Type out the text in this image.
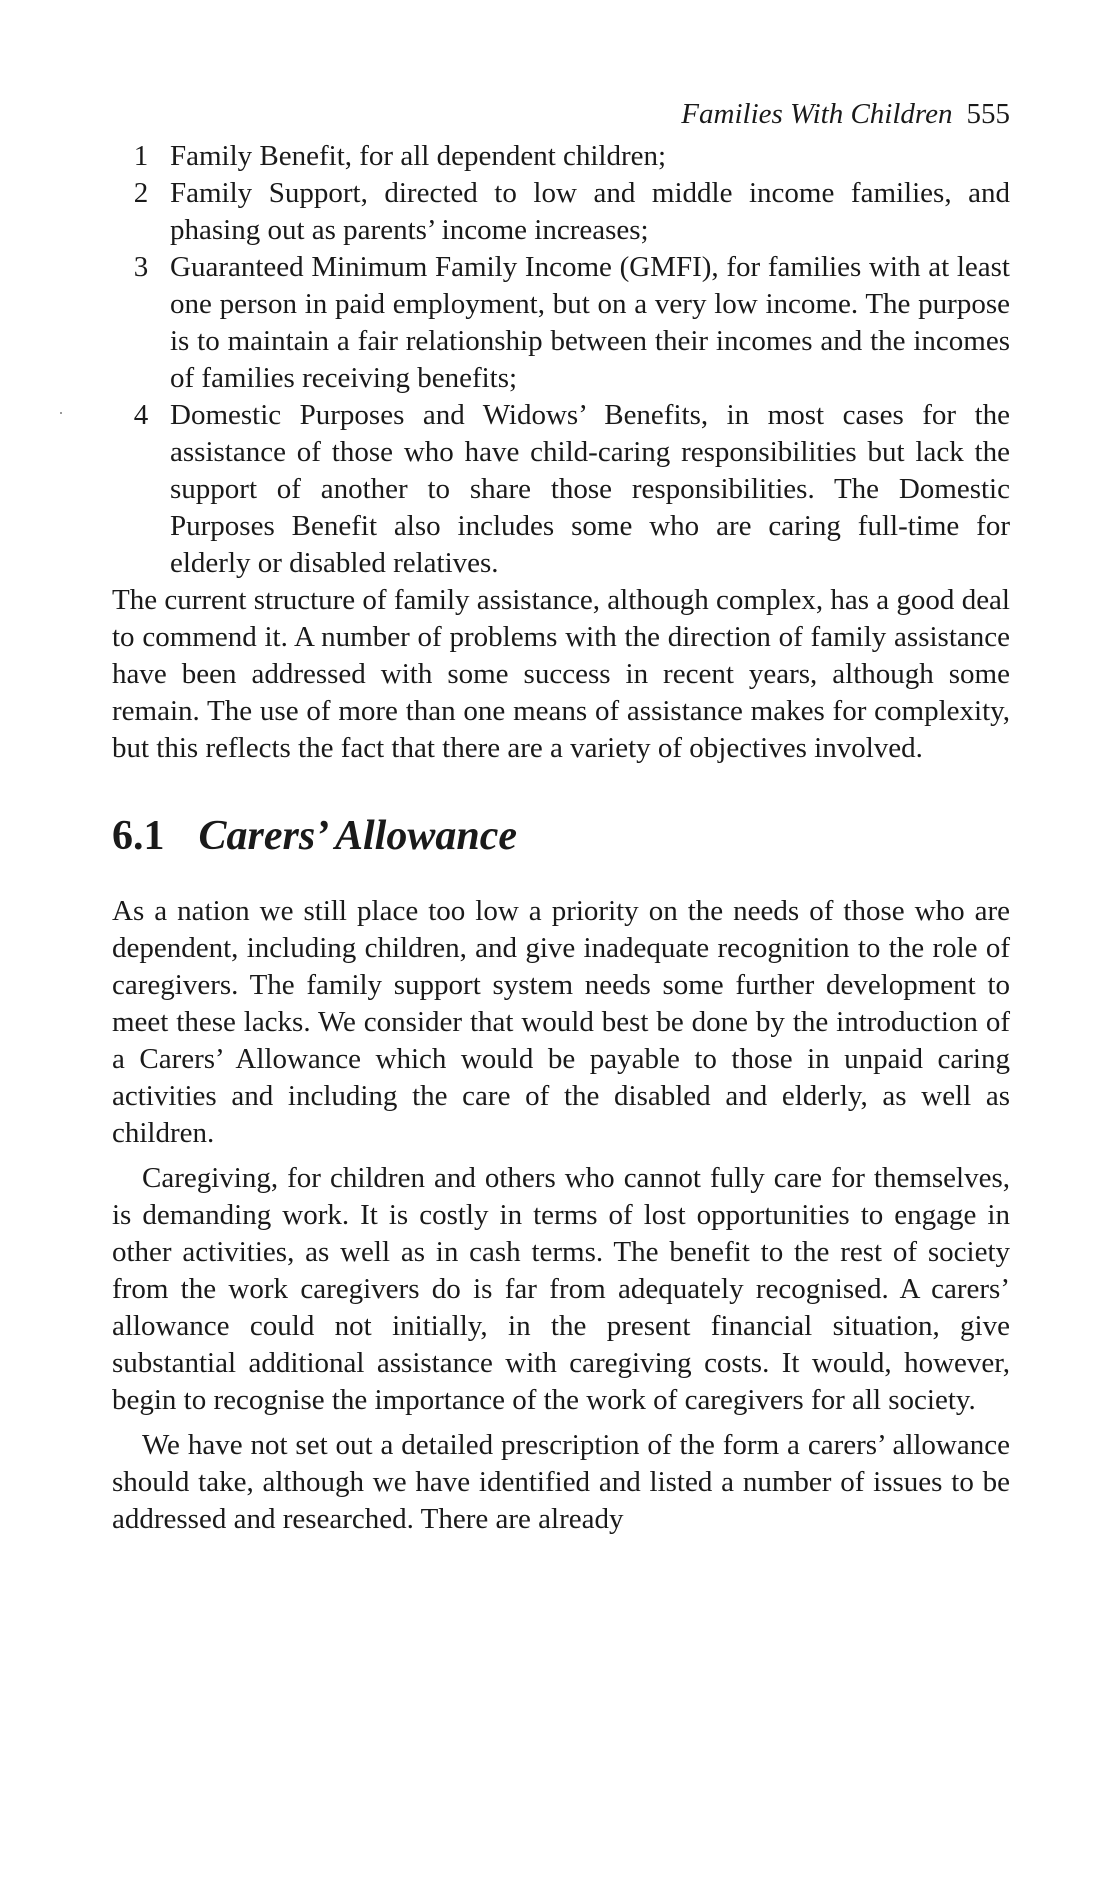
Families With Children 555
1 Family Benefit, for all dependent children;
2 Family Support, directed to low and middle income families, and phasing out as parents’ income increases;
3 Guaranteed Minimum Family Income (GMFI), for families with at least one person in paid employment, but on a very low income. The purpose is to maintain a fair relationship between their incomes and the incomes of families receiving benefits;
4 Domestic Purposes and Widows’ Benefits, in most cases for the assistance of those who have child-caring responsibilities but lack the support of another to share those responsibilities. The Domestic Purposes Benefit also includes some who are caring full-time for elderly or disabled relatives.

The current structure of family assistance, although complex, has a good deal to commend it. A number of problems with the direction of family assistance have been addressed with some success in recent years, although some remain. The use of more than one means of assistance makes for complexity, but this reflects the fact that there are a variety of objectives involved.

6.1 Carers’ Allowance

As a nation we still place too low a priority on the needs of those who are dependent, including children, and give inadequate recognition to the role of caregivers. The family support system needs some further development to meet these lacks. We consider that would best be done by the introduction of a Carers’ Allowance which would be payable to those in unpaid caring activities and including the care of the disabled and elderly, as well as children.

Caregiving, for children and others who cannot fully care for themselves, is demanding work. It is costly in terms of lost opportunities to engage in other activities, as well as in cash terms. The benefit to the rest of society from the work caregivers do is far from adequately recognised. A carers’ allowance could not initially, in the present financial situation, give substantial additional assistance with caregiving costs. It would, however, begin to recognise the importance of the work of caregivers for all society.

We have not set out a detailed prescription of the form a carers’ allowance should take, although we have identified and listed a number of issues to be addressed and researched. There are already
